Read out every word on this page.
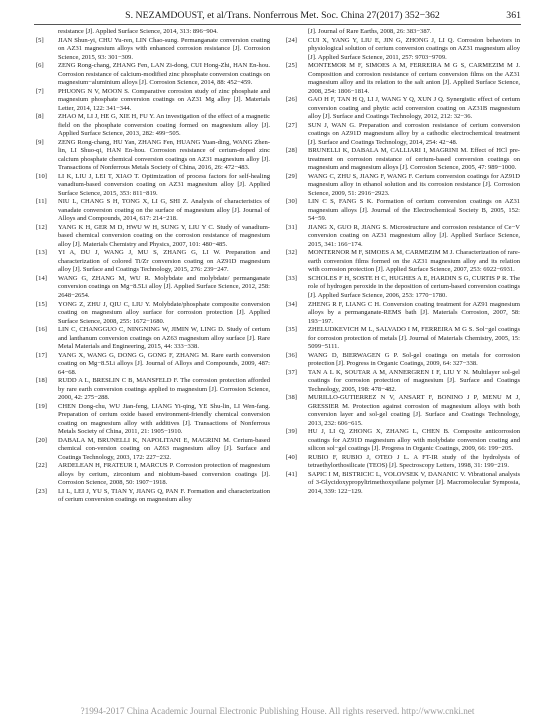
S. NEZAMDOUST, et al/Trans. Nonferrous Met. Soc. China 27(2017) 352−362	361
resistance [J]. Applied Surface Science, 2014, 313: 896−904.
[5] JIAN Shun-yi, CHU Yu-ren, LIN Chao-sung. Permanganate conversion coating on AZ31 magnesium alloys with enhanced corrosion resistance [J]. Corrosion Science, 2015, 93: 301−309.
[6] ZENG Rong-chang, ZHANG Fen, LAN Zi-dong, CUI Hong-Zhi, HAN En-hou. Corrosion resistance of calcium-modified zinc phosphate conversion coatings on magnesium−aluminium alloys [J]. Corrosion Science, 2014, 88: 452−459.
[7] PHUONG N V, MOON S. Comparative corrosion study of zinc phosphate and magnesium phosphate conversion coatings on AZ31 Mg alloy [J]. Materials Letter, 2014, 122: 341−344.
[8] ZHAO M, LI J, HE G, XIE H, FU Y. An investigation of the effect of a magnetic field on the phosphate conversion coating formed on magnesium alloy [J]. Applied Surface Science, 2013, 282: 499−505.
[9] ZENG Rong-chang, HU Yan, ZHANG Fen, HUANG Yuan-ding, WANG Zhen-lin, LI Shuo-qi, HAN En-hou. Corrosion resistance of cerium-doped zinc calcium phosphate chemical conversion coatings on AZ31 magnesium alloy [J]. Transactions of Nonferrous Metals Society of China, 2016, 26: 472−483.
[10] LI K, LIU J, LEI T, XIAO T. Optimization of process factors for self-healing vanadium-based conversion coating on AZ31 magnesium alloy [J]. Applied Surface Science, 2015, 353: 811−819.
[11] NIU L, CHANG S H, TONG X, LI G, SHI Z. Analysis of characteristics of vanadate conversion coating on the surface of magnesium alloy [J]. Journal of Alloys and Compounds, 2014, 617: 214−218.
[12] YANG K H, GER M D, HWU W H, SUNG Y, LIU Y C. Study of vanadium-based chemical conversion coating on the corrosion resistance of magnesium alloy [J]. Materials Chemistry and Physics, 2007, 101: 480−485.
[13] YI A, DU J, WANG J, MU S, ZHANG G, LI W. Preparation and characterization of colored Ti/Zr conversion coating on AZ91D magnesium alloy [J]. Surface and Coatings Technology, 2015, 276: 239−247.
[14] WANG G, ZHANG M, WU R. Molybdate and molybdate/ permanganate conversion coatings on Mg−8.5Li alloy [J]. Applied Surface Science, 2012, 258: 2648−2654.
[15] YONG Z, ZHU J, QIU C, LIU Y. Molybdate/phosphate composite conversion coating on magnesium alloy surface for corrosion protection [J]. Applied Surface Science, 2008, 255: 1672−1680.
[16] LIN C, CHANGGUO C, NINGNING W, JIMIN W, LING D. Study of cerium and lanthanum conversion coatings on AZ63 magnesium alloy surface [J]. Rare Metal Materials and Engineering, 2015, 44: 333−338.
[17] YANG X, WANG G, DONG G, GONG F, ZHANG M. Rare earth conversion coating on Mg−8.5Li alloys [J]. Journal of Alloys and Compounds, 2009, 487: 64−68.
[18] RUDD A L, BRESLIN C B, MANSFELD F. The corrosion protection afforded by rare earth conversion coatings applied to magnesium [J]. Corrosion Science, 2000, 42: 275−288.
[19] CHEN Dong-chu, WU Jian-feng, LIANG Yi-qing, YE Shu-lin, LI Wen-fang. Preparation of cerium oxide based environment-friendly chemical conversion coating on magnesium alloy with additives [J]. Transactions of Nonferrous Metals Society of China, 2011, 21: 1905−1910.
[20] DABALA M, BRUNELLI K, NAPOLITANI E, MAGRINI M. Cerium-based chemical con-version coating on AZ63 magnesium alloy [J]. Surface and Coatings Technology, 2003, 172: 227−232.
[22] ARDELEAN H, FRATEUR I, MARCUS P. Corrosion protection of magnesium alloys by cerium, zirconium and niobium-based conversion coatings [J]. Corrosion Science, 2008, 50: 1907−1918.
[23] LI L, LEI J, YU S, TIAN Y, JIANG Q, PAN F. Formation and characterization of cerium conversion coatings on magnesium alloy
[J]. Journal of Rare Earths, 2008, 26: 383−387.
[24] CUI X, YANG Y, LIU E, JIN G, ZHONG J, LI Q. Corrosion behaviors in physiological solution of cerium conversion coatings on AZ31 magnesium alloy [J]. Applied Surface Science, 2011, 257: 9703−9709.
[25] MONTEMOR M F, SIMOES A M, FERREIRA M G S, CARMEZIM M J. Composition and corrosion resistance of cerium conversion films on the AZ31 magnesium alloy and its relation to the salt anion [J]. Applied Surface Science, 2008, 254: 1806−1814.
[26] GAO H F, TAN H Q, LI J, WANG Y Q, XUN J Q. Synergistic effect of cerium conversion coating and phytic acid conversion coating on AZ31B magnesium alloy [J]. Surface and Coatings Technology, 2012, 212: 32−36.
[27] SUN J, WAN G. Preparation and corrosion resistance of cerium conversion coatings on AZ91D magnesium alloy by a cathodic electrochemical treatment [J]. Surface and Coatings Technology, 2014, 254: 42−48.
[28] BRUNELLI K, DABALA M, CALLIARI I, MAGRINI M. Effect of HCl pre-treatment on corrosion resistance of cerium-based conversion coatings on magnesium and magnesium alloys [J]. Corrosion Science, 2005, 47: 989−1000.
[29] WANG C, ZHU S, JIANG F, WANG F. Cerium conversion coatings for AZ91D magnesium alloy in ethanol solution and its corrosion resistance [J]. Corrosion Science, 2009, 51: 2916−2923.
[30] LIN C S, FANG S K. Formation of cerium conversion coatings on AZ31 magnesium alloys [J]. Journal of the Electrochemical Society B, 2005, 152: 54−59.
[31] JIANG X, GUO R, JIANG S. Microstructure and corrosion resistance of Ce−V conversion coating on AZ31 magnesium alloy [J]. Applied Surface Science, 2015, 341: 166−174.
[32] MONTERNOR M F, SIMOES A M, CARMEZIM M J. Characterization of rare-earth conversion films formed on the AZ31 magnesium alloy and its relation with corrosion protection [J]. Applied Surface Science, 2007, 253: 6922−6931.
[33] SCHOLES F H, SOSTE H C, HUGHES A E, HARDIN S G, CURTIS P R. The role of hydrogen peroxide in the deposition of cerium-based conversion coatings [J]. Applied Surface Science, 2006, 253: 1770−1780.
[34] ZHENG R F, LIANG C H. Conversion coating treatment for AZ91 magnesium alloys by a permanganate-REMS bath [J]. Materials Corrosion, 2007, 58: 193−197.
[35] ZHELUDKEVICH M L, SALVADO I M, FERREIRA M G S. Sol−gel coatings for corrosion protection of metals [J]. Journal of Materials Chemistry, 2005, 15: 5099−5111.
[36] WANG D, BIERWAGEN G P. Sol-gel coatings on metals for corrosion protection [J]. Progress in Organic Coatings, 2009, 64: 327−338.
[37] TAN A L K, SOUTAR A M, ANNERGREN I F, LIU Y N. Multilayer sol-gel coatings for corrosion protection of magnesium [J]. Surface and Coatings Technology, 2005, 198: 478−482.
[38] MURILLO-GUTIERREZ N V, ANSART F, BONINO J P, MENU M J, GRESSIER M. Protection against corrosion of magnesium alloys with both conversion layer and sol-gel coating [J]. Surface and Coatings Technology, 2013, 232: 606−615.
[39] HU J, LI Q, ZHONG X, ZHANG L, CHEN B. Composite anticorrosion coatings for AZ91D magnesium alloy with molybdate conversion coating and silicon sol−gel coatings [J]. Progress in Organic Coatings, 2009, 66: 199−205.
[40] RUBIO F, RUBIO J, OTEO J L. A FT-IR study of the hydrolysis of tetraethylorthosilicate (TEOS) [J]. Spectroscopy Letters, 1998, 31: 199−219.
[41] SAPIC I M, BISTRICIC L, VOLOVSEK V, DANANIC V. Vibrational analysis of 3-Glycidoxypropyltrimethoxysilane polymer [J]. Macromolecular Symposia, 2014, 339: 122−129.
?1994-2017 China Academic Journal Electronic Publishing House. All rights reserved. http://www.cnki.net
